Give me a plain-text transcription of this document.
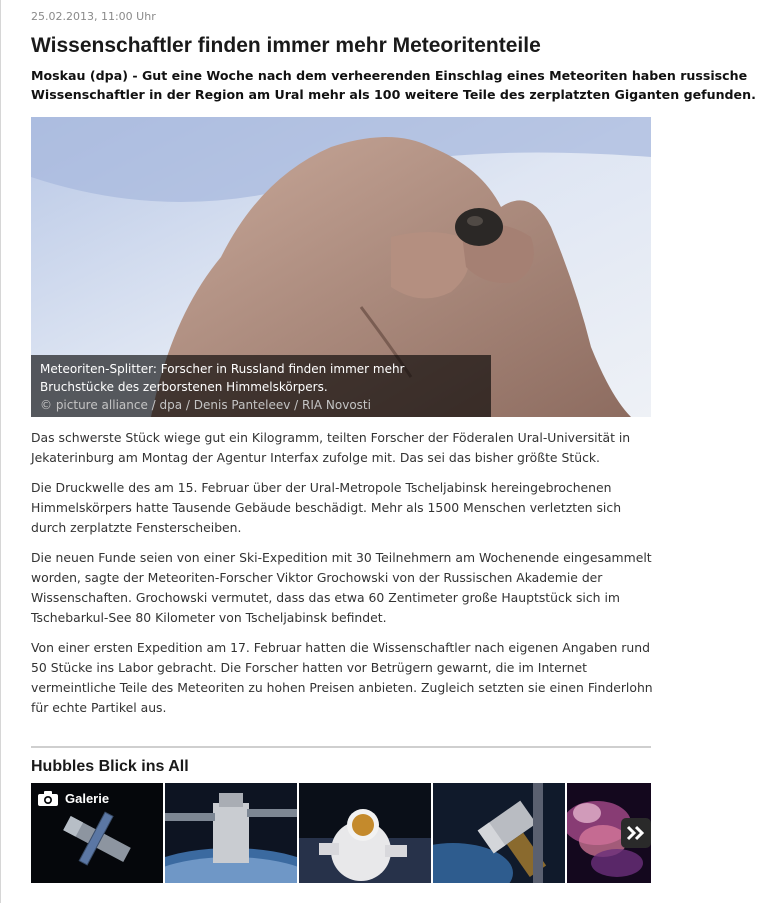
25.02.2013, 11:00 Uhr
Wissenschaftler finden immer mehr Meteoritenteile

Moskau (dpa) - Gut eine Woche nach dem verheerenden Einschlag eines Meteoriten haben russische Wissenschaftler in der Region am Ural mehr als 100 weitere Teile des zerplatzten Giganten gefunden.

Meteoriten-Splitter: Forscher in Russland finden immer mehr
Bruchstücke des zerborstenen Himmelskörpers.
© picture alliance / dpa / Denis Panteleev / RIA Novosti

Das schwerste Stück wiege gut ein Kilogramm, teilten Forscher der Föderalen Ural-Universität in Jekaterinburg am Montag der Agentur Interfax zufolge mit. Das sei das bisher größte Stück.

Die Druckwelle des am 15. Februar über der Ural-Metropole Tscheljabinsk hereingebrochenen Himmelskörpers hatte Tausende Gebäude beschädigt. Mehr als 1500 Menschen verletzten sich durch zerplatzte Fensterscheiben.

Die neuen Funde seien von einer Ski-Expedition mit 30 Teilnehmern am Wochenende eingesammelt worden, sagte der Meteoriten-Forscher Viktor Grochowski von der Russischen Akademie der Wissenschaften. Grochowski vermutet, dass das etwa 60 Zentimeter große Hauptstück sich im Tschebarkul-See 80 Kilometer von Tscheljabinsk befindet.

Von einer ersten Expedition am 17. Februar hatten die Wissenschaftler nach eigenen Angaben rund 50 Stücke ins Labor gebracht. Die Forscher hatten vor Betrügern gewarnt, die im Internet vermeintliche Teile des Meteoriten zu hohen Preisen anbieten. Zugleich setzten sie einen Finderlohn für echte Partikel aus.

Hubbles Blick ins All
Galerie
